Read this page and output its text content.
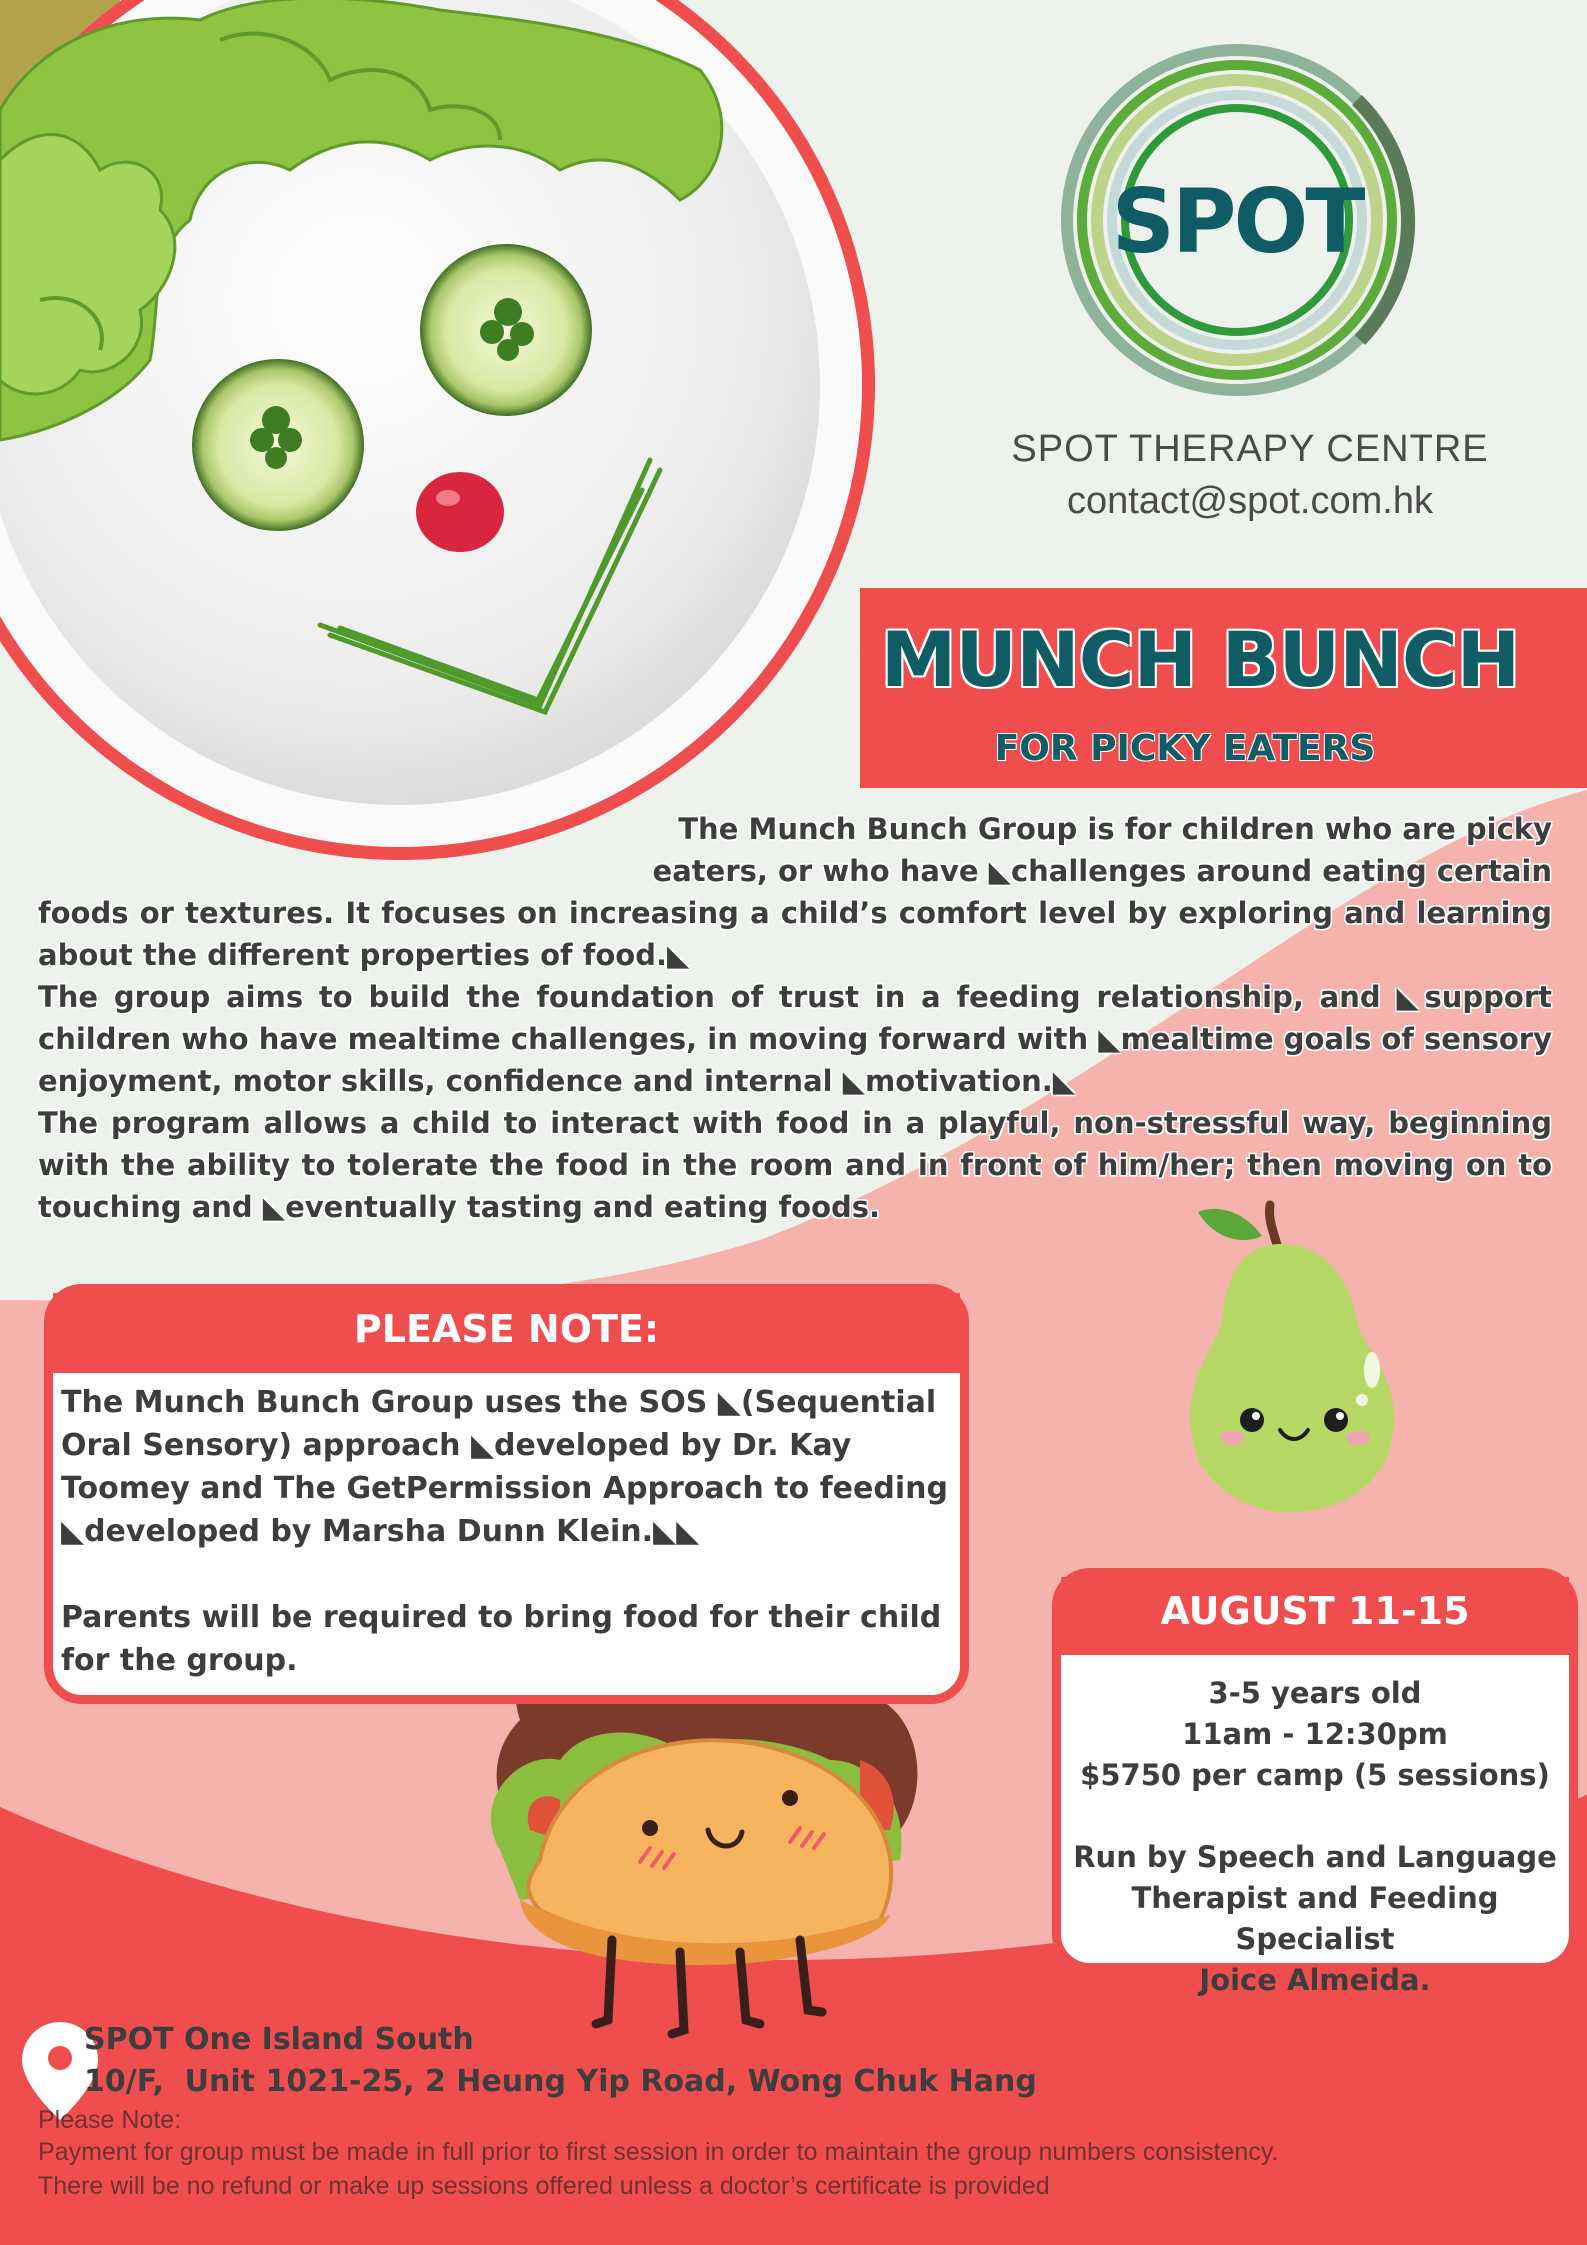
SPOT
SPOT THERAPY CENTRE
contact@spot.com.hk
MUNCH BUNCH
FOR PICKY EATERS
The Munch Bunch Group is for children who are picky
eaters, or who have ◣challenges around eating certain
foods or textures. It focuses on increasing a child’s comfort level by exploring and learning about the different properties of food.◣
The group aims to build the foundation of trust in a feeding relationship, and ◣support children who have mealtime challenges, in moving forward with ◣mealtime goals of sensory enjoyment, motor skills, confidence and internal ◣motivation.◣
The program allows a child to interact with food in a playful, non-stressful way, beginning with the ability to tolerate the food in the room and in front of him/her; then moving on to touching and ◣eventually tasting and eating foods.
PLEASE NOTE:

The Munch Bunch Group uses the SOS ◣(Sequential Oral Sensory) approach ◣developed by Dr. Kay Toomey and The GetPermission Approach to feeding ◣developed by Marsha Dunn Klein.◣◣

Parents will be required to bring food for their child for the group.

AUGUST 11-15
3-5 years old
11am - 12:30pm
$5750 per camp (5 sessions)
Run by Speech and Language
Therapist and Feeding Specialist
Joice Almeida.
SPOT One Island South
10/F,  Unit 1021-25, 2 Heung Yip Road, Wong Chuk Hang
Please Note:
Payment for group must be made in full prior to first session in order to maintain the group numbers consistency.
There will be no refund or make up sessions offered unless a doctor’s certificate is provided
